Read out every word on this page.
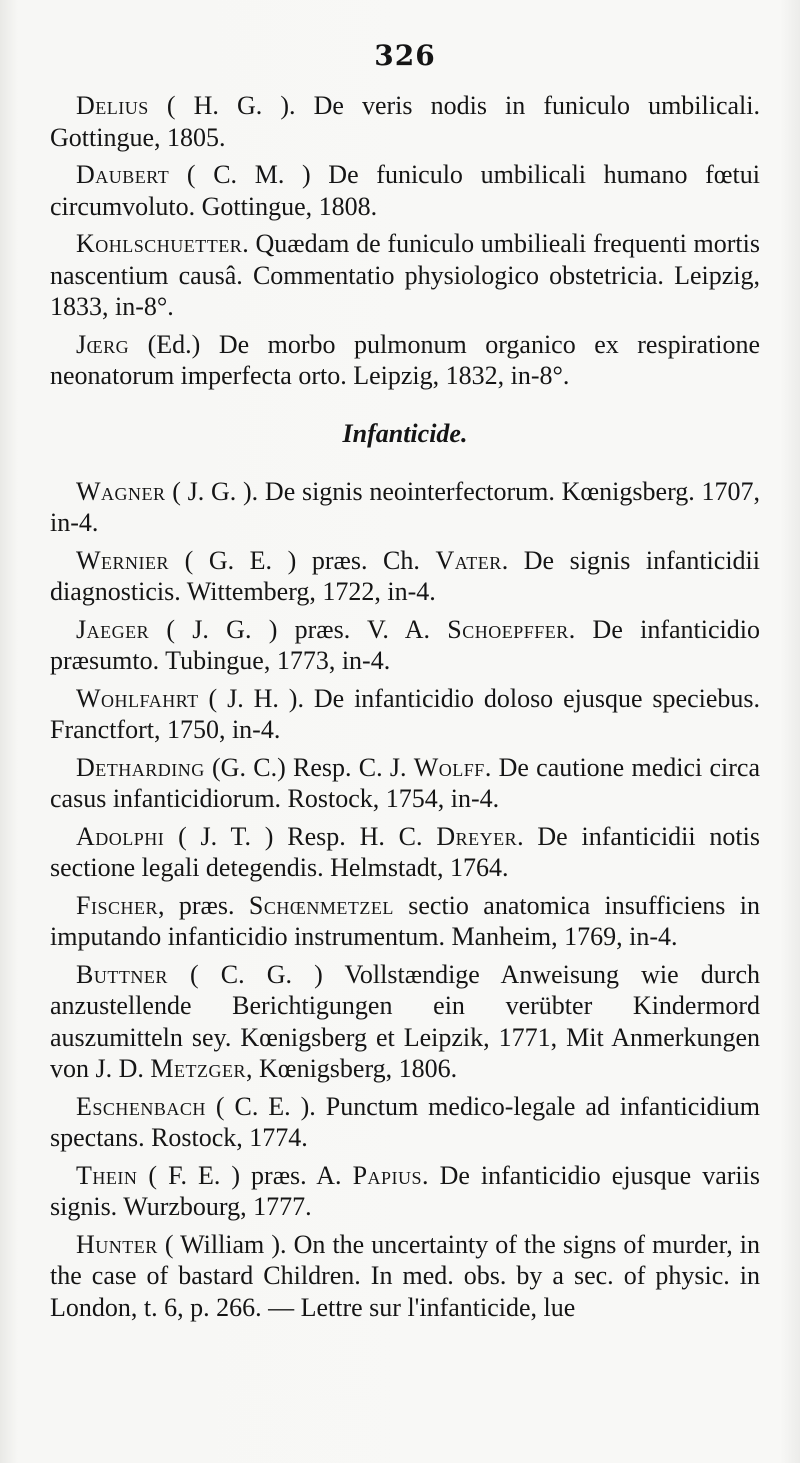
326

Delius ( H. G. ). De veris nodis in funiculo umbilicali. Gottingue, 1805.

Daubert ( C. M. ) De funiculo umbilicali humano fœtui circumvoluto. Gottingue, 1808.

Kohlschuetter. Quædam de funiculo umbilieali frequenti mortis nascentium causâ. Commentatio physiologico obstetricia. Leipzig, 1833, in-8°.

Jœrg (Ed.) De morbo pulmonum organico ex respiratione neonatorum imperfecta orto. Leipzig, 1832, in-8°.

Infanticide.

Wagner ( J. G. ). De signis neointerfectorum. Kœnigsberg. 1707, in-4.

Wernier ( G. E. ) præs. Ch. Vater. De signis infanticidii diagnosticis. Wittemberg, 1722, in-4.

Jaeger ( J. G. ) præs. V. A. Schoepffer. De infanticidio præsumto. Tubingue, 1773, in-4.

Wohlfahrt ( J. H. ). De infanticidio doloso ejusque speciebus. Franctfort, 1750, in-4.

Detharding (G. C.) Resp. C. J. Wolff. De cautione medici circa casus infanticidiorum. Rostock, 1754, in-4.

Adolphi ( J. T. ) Resp. H. C. Dreyer. De infanticidii notis sectione legali detegendis. Helmstadt, 1764.

Fischer, præs. Schœnmetzel sectio anatomica insufficiens in imputando infanticidio instrumentum. Manheim, 1769, in-4.

Buttner ( C. G. ) Vollstændige Anweisung wie durch anzustellende Berichtigungen ein verübter Kindermord auszumitteln sey. Kœnigsberg et Leipzik, 1771, Mit Anmerkungen von J. D. Metzger, Kœnigsberg, 1806.

Eschenbach ( C. E. ). Punctum medico-legale ad infanticidium spectans. Rostock, 1774.

Thein ( F. E. ) præs. A. Papius. De infanticidio ejusque variis signis. Wurzbourg, 1777.

Hunter ( William ). On the uncertainty of the signs of murder, in the case of bastard Children. In med. obs. by a sec. of physic. in London, t. 6, p. 266. — Lettre sur l'infanticide, lue
